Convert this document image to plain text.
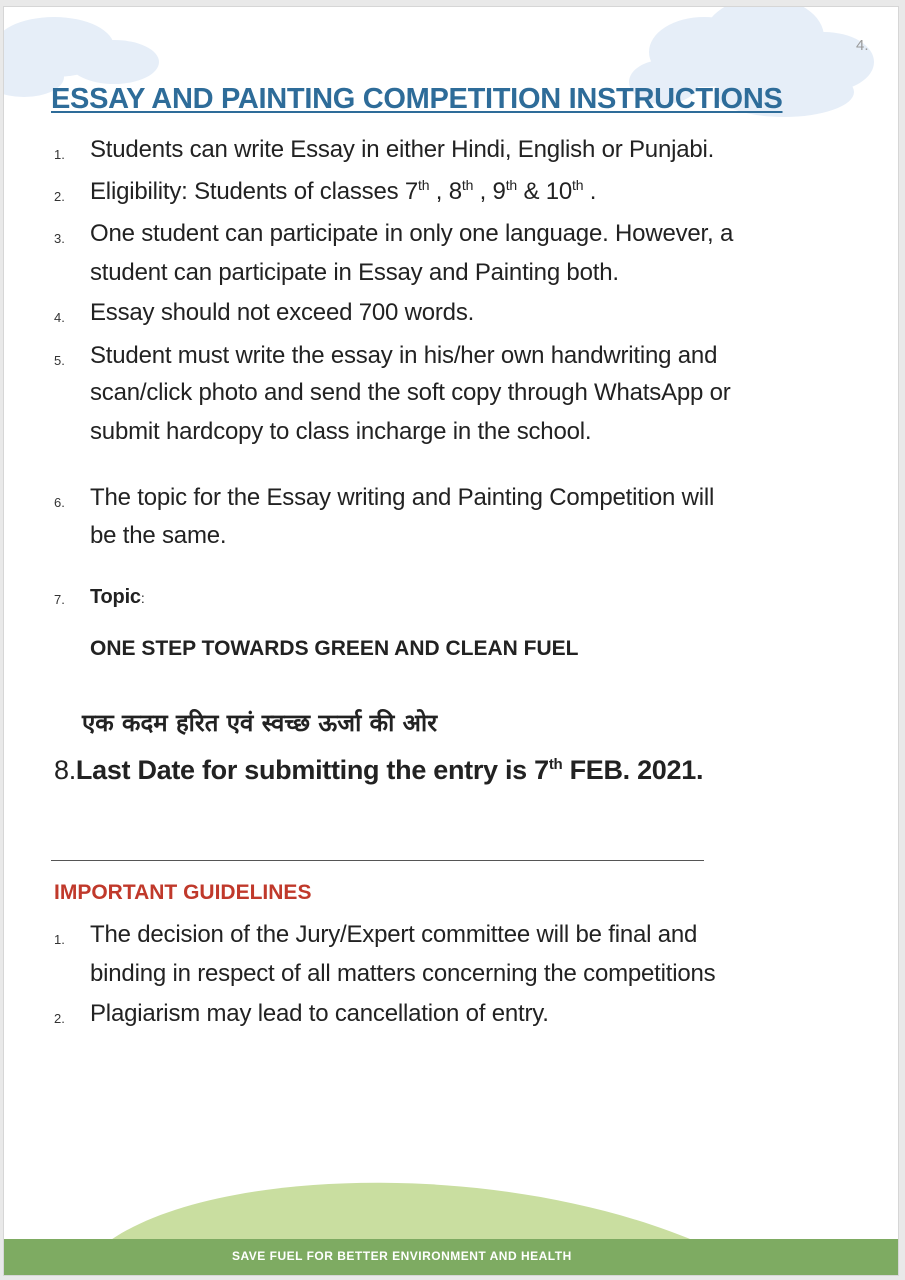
4.
ESSAY AND PAINTING COMPETITION INSTRUCTIONS
1. Students can write Essay in either Hindi, English or Punjabi.
2. Eligibility: Students of classes 7th , 8th , 9th & 10th .
3. One student can participate in only one language. However, a
student can participate in Essay and Painting both.
4. Essay should not exceed 700 words.
5. Student must write the essay in his/her own handwriting and
scan/click photo and send the soft copy through WhatsApp or
submit hardcopy to class incharge in the school.
6. The topic for the Essay writing and Painting Competition will
be the same.
7. Topic:
ONE STEP TOWARDS GREEN AND CLEAN FUEL
एक कदम हरित एवं स्वच्छ ऊर्जा की ओर
8.Last Date for submitting the entry is 7th FEB. 2021.
IMPORTANT GUIDELINES
1. The decision of the Jury/Expert committee will be final and
binding in respect of all matters concerning the competitions
2. Plagiarism may lead to cancellation of entry.
SAVE FUEL FOR BETTER ENVIRONMENT AND HEALTH
